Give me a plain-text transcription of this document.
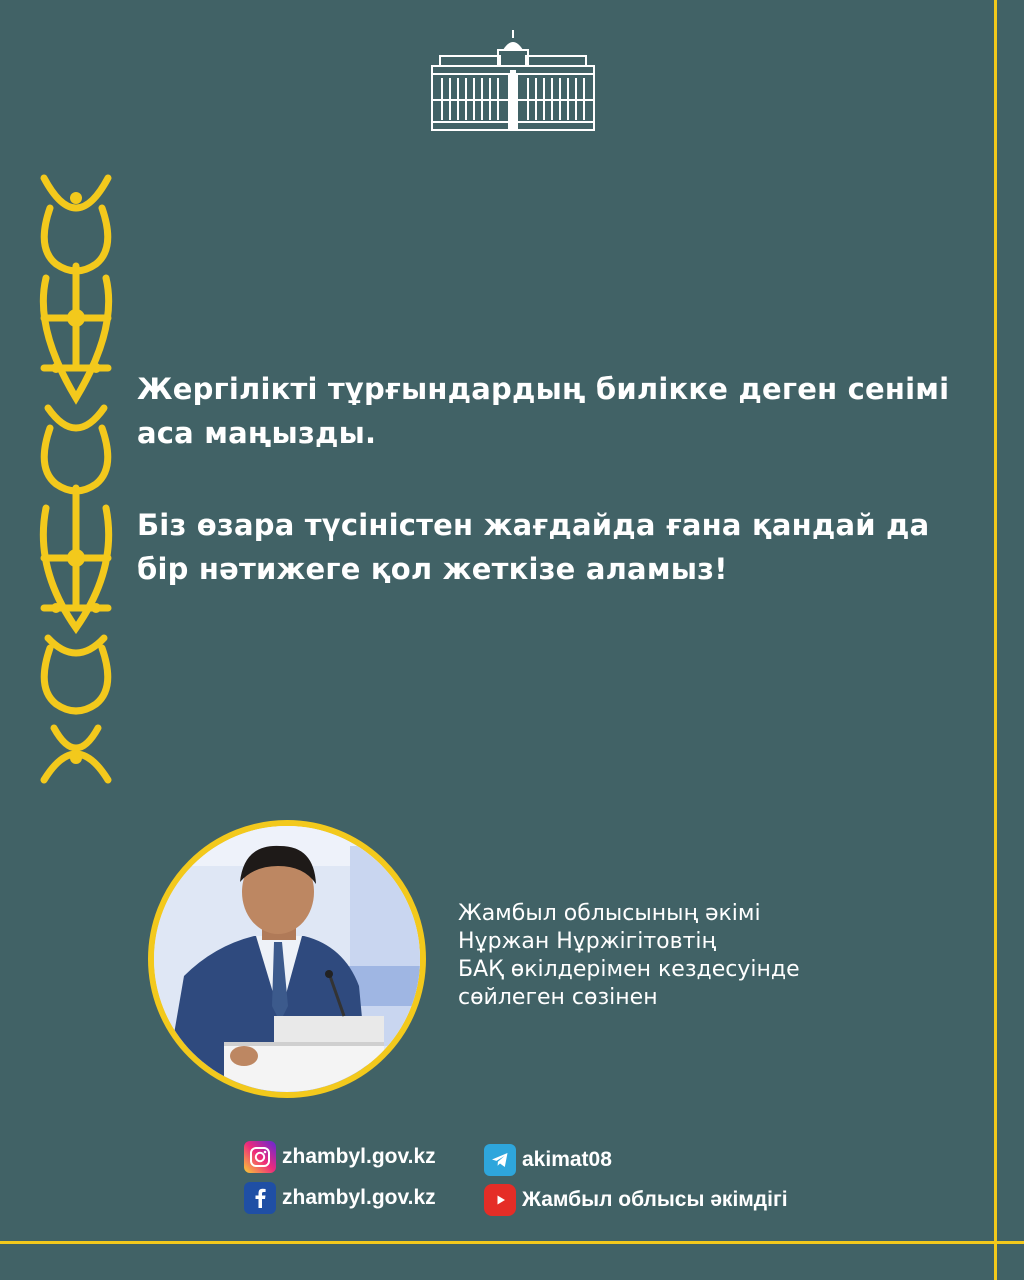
Жергілікті тұрғындардың билікке деген сенімі аса маңызды.

Біз өзара түсіністен жағдайда ғана қандай да бір нәтижеге қол жеткізе аламыз!

Жамбыл облысының әкімі
Нұржан Нұржігітовтің
БАҚ өкілдерімен кездесуінде
сөйлеген сөзінен
zhambyl.gov.kz
zhambyl.gov.kz
akimat08
Жамбыл облысы әкімдігі
